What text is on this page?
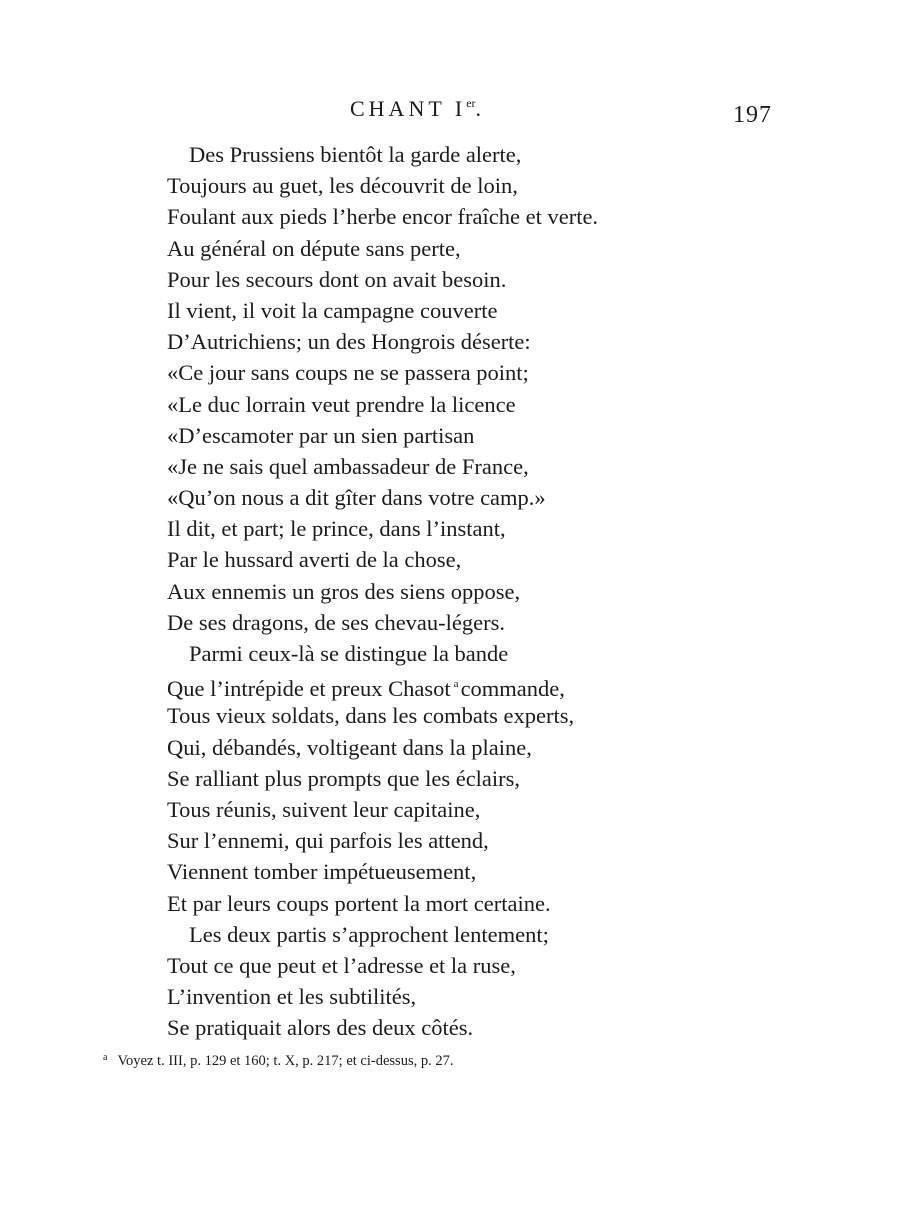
CHANT Ier.	197
Des Prussiens bientôt la garde alerte,
Toujours au guet, les découvrit de loin,
Foulant aux pieds l’herbe encor fraîche et verte.
Au général on députe sans perte,
Pour les secours dont on avait besoin.
Il vient, il voit la campagne couverte
D’Autrichiens; un des Hongrois déserte:
«Ce jour sans coups ne se passera point;
«Le duc lorrain veut prendre la licence
«D’escamoter par un sien partisan
«Je ne sais quel ambassadeur de France,
«Qu’on nous a dit gîter dans votre camp.»
Il dit, et part; le prince, dans l’instant,
Par le hussard averti de la chose,
Aux ennemis un gros des siens oppose,
De ses dragons, de ses chevau-légers.
Parmi ceux-là se distingue la bande
Que l’intrépide et preux Chasot $^a$commande,
Tous vieux soldats, dans les combats experts,
Qui, débandés, voltigeant dans la plaine,
Se ralliant plus prompts que les éclairs,
Tous réunis, suivent leur capitaine,
Sur l’ennemi, qui parfois les attend,
Viennent tomber impétueusement,
Et par leurs coups portent la mort certaine.
Les deux partis s’approchent lentement;
Tout ce que peut et l’adresse et la ruse,
L’invention et les subtilités,
Se pratiquait alors des deux côtés.
$^a$ Voyez t. III, p. 129 et 160; t. X, p. 217; et ci-dessus, p. 27.
